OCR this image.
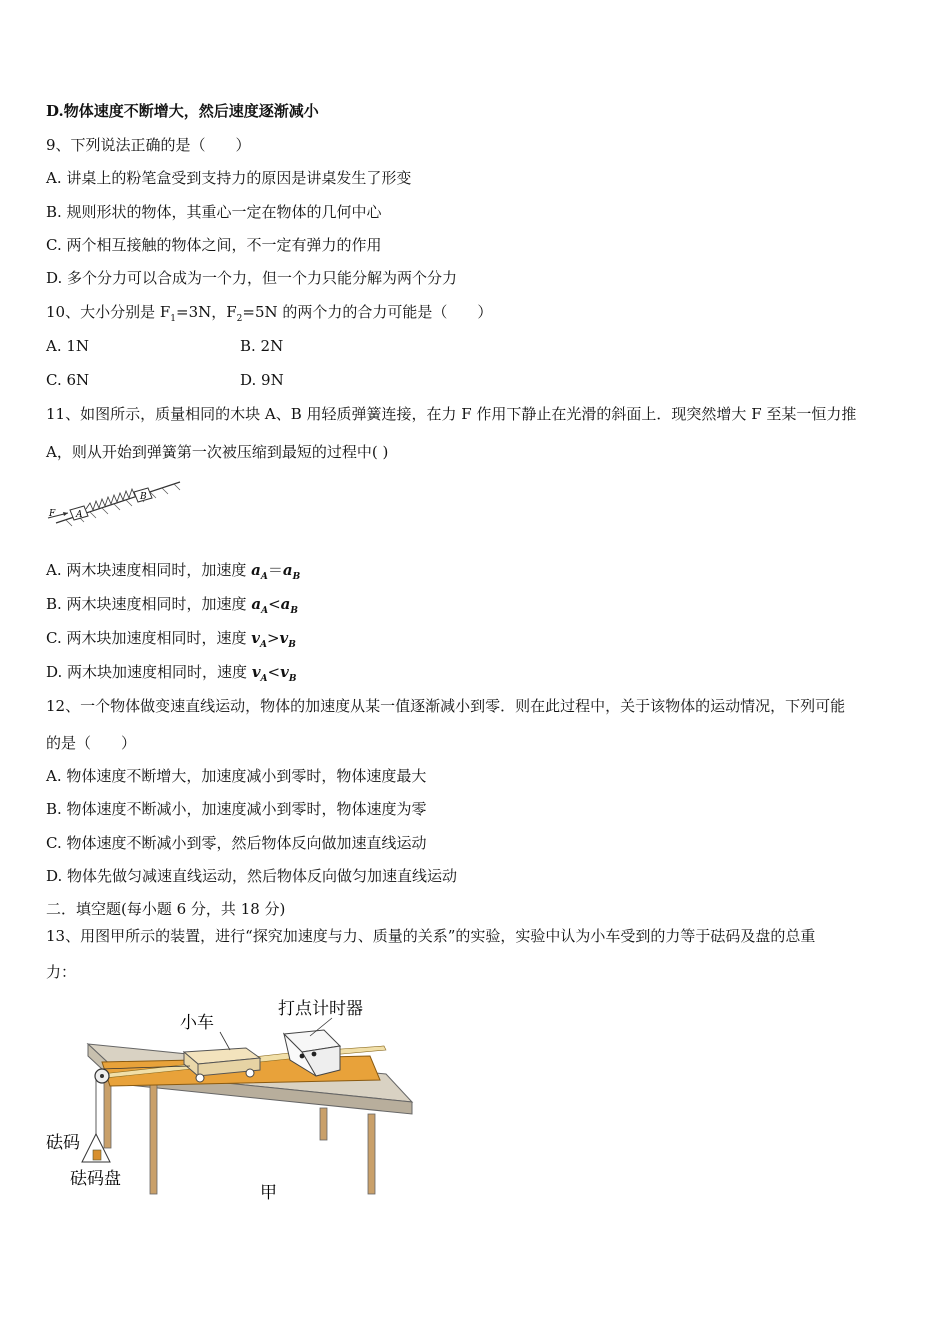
D.物体速度不断增大，然后速度逐渐减小
9、下列说法正确的是（　　）
A. 讲桌上的粉笔盒受到支持力的原因是讲桌发生了形变
B. 规则形状的物体，其重心一定在物体的几何中心
C. 两个相互接触的物体之间，不一定有弹力的作用
D. 多个分力可以合成为一个力，但一个力只能分解为两个分力
10、大小分别是 $F_1=3N$，$F_2=5N$ 的两个力的合力可能是（　　）
A. 1N	B. 2N
C. 6N	D. 9N
11、如图所示，质量相同的木块 A、B 用轻质弹簧连接，在力 F 作用下静止在光滑的斜面上．现突然增大 F 至某一恒力推
A，则从开始到弹簧第一次被压缩到最短的过程中( )
F A
B
A. 两木块速度相同时，加速度 $a_A=a_B$
B. 两木块速度相同时，加速度 $a_A<a_B$
C. 两木块加速度相同时，速度 $v_A>v_B$
D. 两木块加速度相同时，速度 $v_A<v_B$
12、一个物体做变速直线运动，物体的加速度从某一值逐渐减小到零．则在此过程中，关于该物体的运动情况，下列可能
的是（　　）
A. 物体速度不断增大，加速度减小到零时，物体速度最大
B. 物体速度不断减小，加速度减小到零时，物体速度为零
C. 物体速度不断减小到零，然后物体反向做加速直线运动
D. 物体先做匀减速直线运动，然后物体反向做匀加速直线运动
二．填空题(每小题 6 分，共 18 分)
13、用图甲所示的装置，进行“探究加速度与力、质量的关系”的实验，实验中认为小车受到的力等于砝码及盘的总重
力：
小车
打点计时器
砝码
砝码盘
甲
